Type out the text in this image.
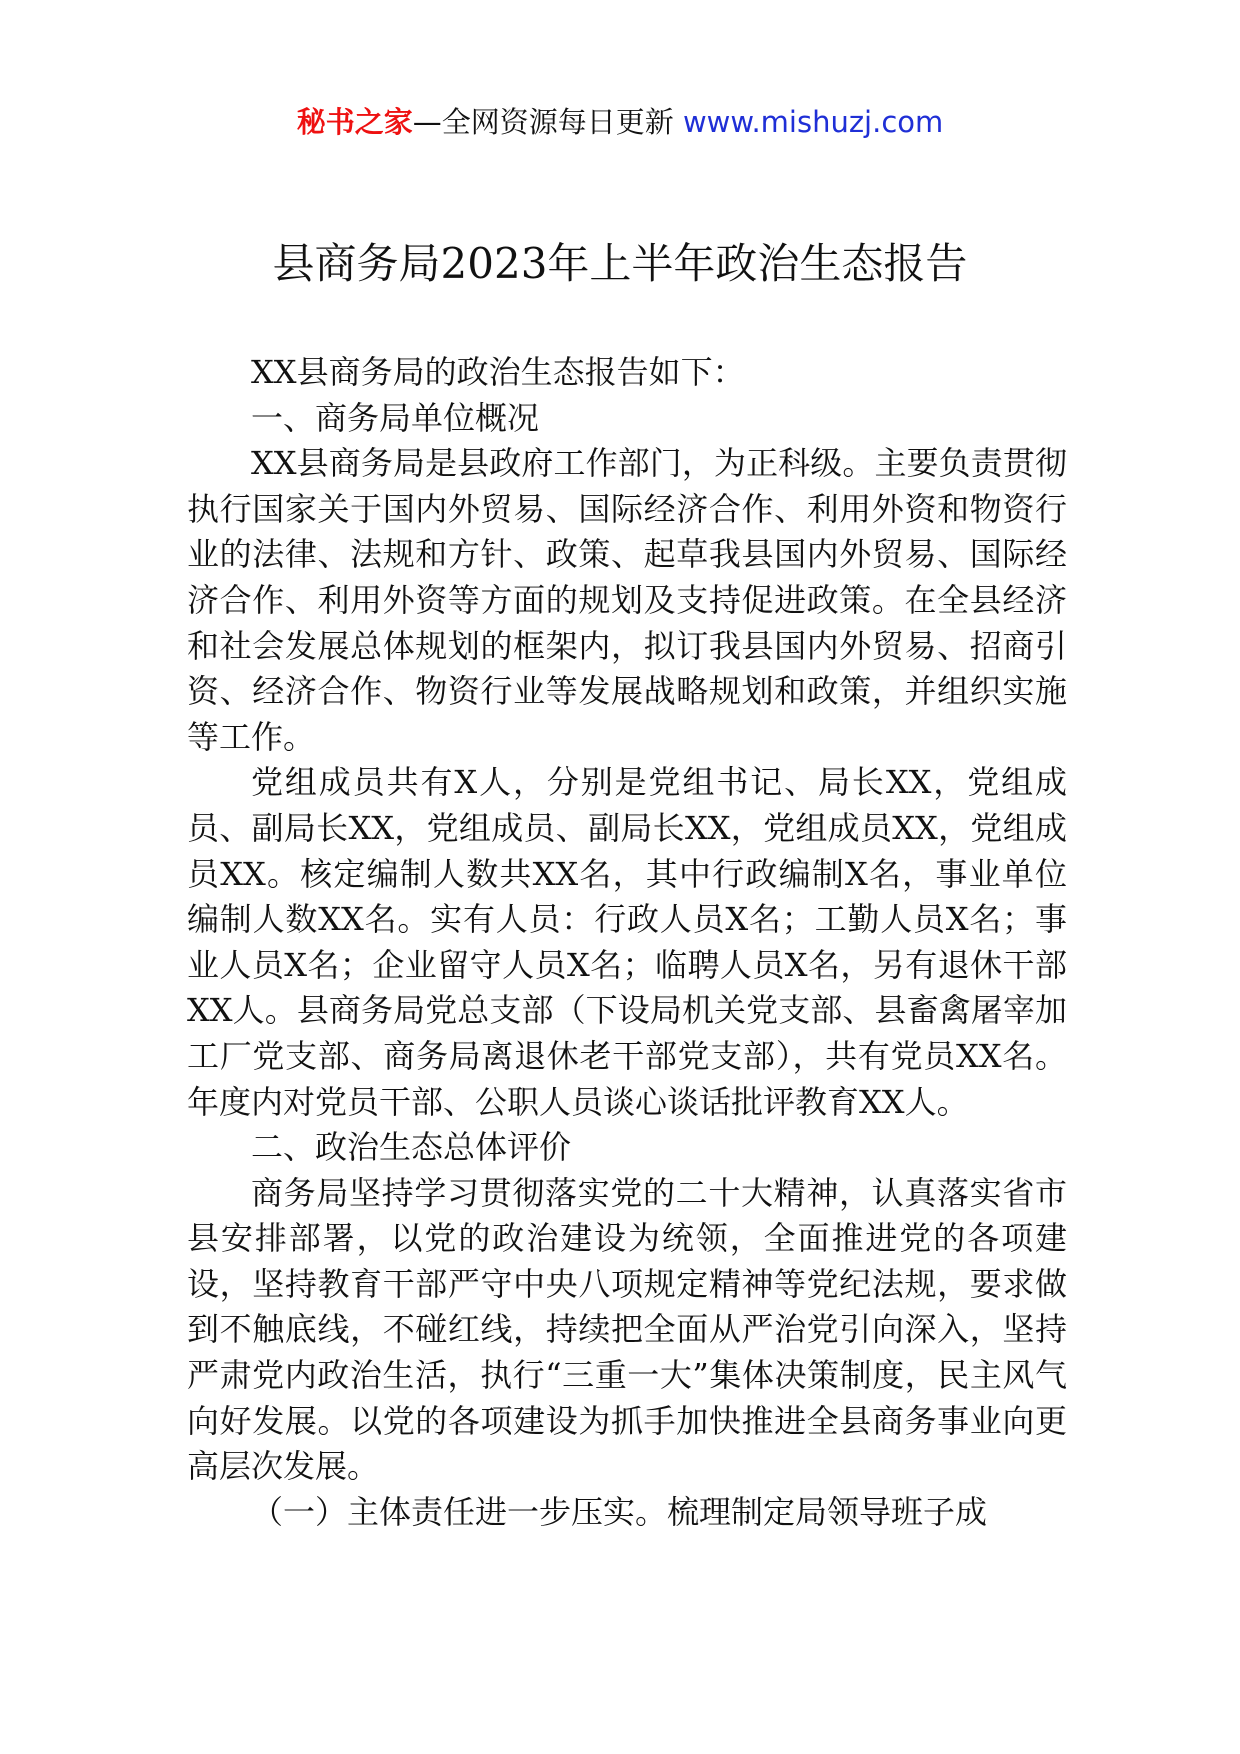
秘书之家—全网资源每日更新 www.mishuzj.com
县商务局2023年上半年政治生态报告

XX县商务局的政治生态报告如下：

一、商务局单位概况

XX县商务局是县政府工作部门，为正科级。主要负责贯彻执行国家关于国内外贸易、国际经济合作、利用外资和物资行业的法律、法规和方针、政策、起草我县国内外贸易、国际经济合作、利用外资等方面的规划及支持促进政策。在全县经济和社会发展总体规划的框架内，拟订我县国内外贸易、招商引资、经济合作、物资行业等发展战略规划和政策，并组织实施等工作。

党组成员共有X人，分别是党组书记、局长XX，党组成员、副局长XX，党组成员、副局长XX，党组成员XX，党组成员XX。核定编制人数共XX名，其中行政编制X名，事业单位编制人数XX名。实有人员：行政人员X名；工勤人员X名；事业人员X名；企业留守人员X名；临聘人员X名，另有退休干部XX人。县商务局党总支部（下设局机关党支部、县畜禽屠宰加工厂党支部、商务局离退休老干部党支部），共有党员XX名。年度内对党员干部、公职人员谈心谈话批评教育XX人。

二、政治生态总体评价

商务局坚持学习贯彻落实党的二十大精神，认真落实省市县安排部署，以党的政治建设为统领，全面推进党的各项建设，坚持教育干部严守中央八项规定精神等党纪法规，要求做到不触底线，不碰红线，持续把全面从严治党引向深入，坚持严肃党内政治生活，执行“三重一大”集体决策制度，民主风气向好发展。以党的各项建设为抓手加快推进全县商务事业向更高层次发展。

（一）主体责任进一步压实。梳理制定局领导班子成
